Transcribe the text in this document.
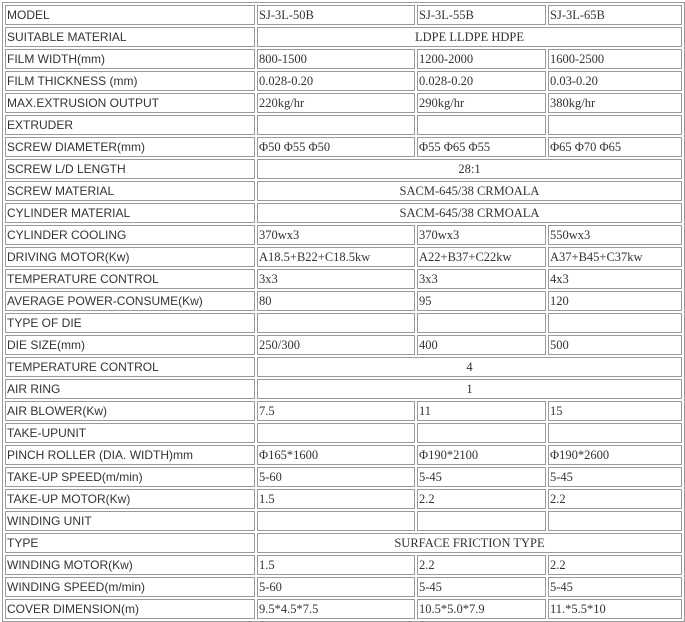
MODEL	SJ-3L-50B	SJ-3L-55B	SJ-3L-65B
SUITABLE MATERIAL	LDPE LLDPE HDPE		
FILM WIDTH(mm)	800-1500	1200-2000	1600-2500
FILM THICKNESS (mm)	0.028-0.20	0.028-0.20	0.03-0.20
MAX.EXTRUSION OUTPUT	220kg/hr	290kg/hr	380kg/hr
EXTRUDER			
SCREW DIAMETER(mm)	Φ50 Φ55 Φ50	Φ55 Φ65 Φ55	Φ65 Φ70 Φ65
SCREW L/D LENGTH	28:1		
SCREW MATERIAL	SACM-645/38 CRMOALA		
CYLINDER MATERIAL	SACM-645/38 CRMOALA		
CYLINDER COOLING	370wx3	370wx3	550wx3
DRIVING MOTOR(Kw)	A18.5+B22+C18.5kw	A22+B37+C22kw	A37+B45+C37kw
TEMPERATURE CONTROL	3x3	3x3	4x3
AVERAGE POWER-CONSUME(Kw)	80	95	120
TYPE OF DIE			
DIE SIZE(mm)	250/300	400	500
TEMPERATURE CONTROL	4		
AIR RING	1		
AIR BLOWER(Kw)	7.5	11	15
TAKE-UPUNIT			
PINCH ROLLER (DIA. WIDTH)mm	Φ165*1600	Φ190*2100	Φ190*2600
TAKE-UP SPEED(m/min)	5-60	5-45	5-45
TAKE-UP MOTOR(Kw)	1.5	2.2	2.2
WINDING UNIT			
TYPE	SURFACE FRICTION TYPE		
WINDING MOTOR(Kw)	1.5	2.2	2.2
WINDING SPEED(m/min)	5-60	5-45	5-45
COVER DIMENSION(m)	9.5*4.5*7.5	10.5*5.0*7.9	11.*5.5*10
